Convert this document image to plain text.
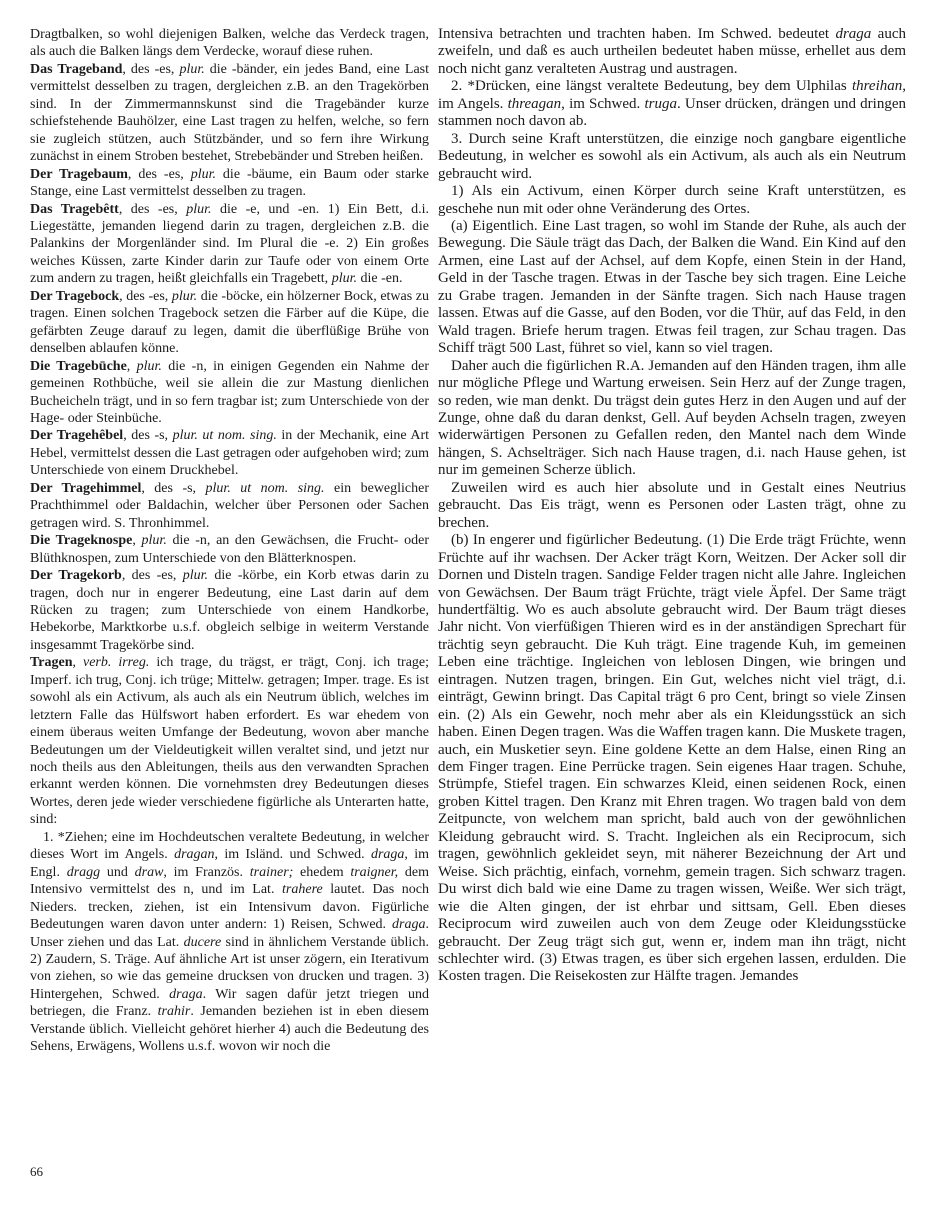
Dragtbalken, so wohl diejenigen Balken, welche das Verdeck tragen, als auch die Balken längs dem Verdecke, worauf diese ruhen.

Das Trageband, des -es, plur. die -bänder, ein jedes Band, eine Last vermittelst desselben zu tragen, dergleichen z.B. an den Tragekörben sind. In der Zimmermannskunst sind die Tragebänder kurze schiefstehende Bauhölzer, eine Last tragen zu helfen, welche, so fern sie zugleich stützen, auch Stützbänder, und so fern ihre Wirkung zunächst in einem Stroben bestehet, Strebebänder und Streben heißen.

Der Tragebaum, des -es, plur. die -bäume, ein Baum oder starke Stange, eine Last vermittelst desselben zu tragen.

Das Tragebêtt, des -es, plur. die -e, und -en. 1) Ein Bett, d.i. Liegestätte, jemanden liegend darin zu tragen, dergleichen z.B. die Palankins der Morgenländer sind. Im Plural die -e. 2) Ein großes weiches Küssen, zarte Kinder darin zur Taufe oder von einem Orte zum andern zu tragen, heißt gleichfalls ein Tragebett, plur. die -en.

Der Tragebock, des -es, plur. die -böcke, ein hölzerner Bock, etwas zu tragen. Einen solchen Tragebock setzen die Färber auf die Küpe, die gefärbten Zeuge darauf zu legen, damit die überflüßige Brühe von denselben ablaufen könne.

Die Tragebūche, plur. die -n, in einigen Gegenden ein Nahme der gemeinen Rothbüche, weil sie allein die zur Mastung dienlichen Bucheicheln trägt, und in so fern tragbar ist; zum Unterschiede von der Hage- oder Steinbüche.

Der Tragehêbel, des -s, plur. ut nom. sing. in der Mechanik, eine Art Hebel, vermittelst dessen die Last getragen oder aufgehoben wird; zum Unterschiede von einem Druckhebel.

Der Tragehimmel, des -s, plur. ut nom. sing. ein beweglicher Prachthimmel oder Baldachin, welcher über Personen oder Sachen getragen wird. S. Thronhimmel.

Die Trageknospe, plur. die -n, an den Gewächsen, die Frucht- oder Blüthknospen, zum Unterschiede von den Blätterknospen.

Der Tragekorb, des -es, plur. die -körbe, ein Korb etwas darin zu tragen, doch nur in engerer Bedeutung, eine Last darin auf dem Rücken zu tragen; zum Unterschiede von einem Handkorbe, Hebekorbe, Marktkorbe u.s.f. obgleich selbige in weiterm Verstande insgesammt Tragekörbe sind.

Tragen, verb. irreg. ich trage, du trägst, er trägt, Conj. ich trage; Imperf. ich trug, Conj. ich trüge; Mittelw. getragen; Imper. trage. Es ist sowohl als ein Activum, als auch als ein Neutrum üblich, welches im letztern Falle das Hülfswort haben erfordert. Es war ehedem von einem überaus weiten Umfange der Bedeutung, wovon aber manche Bedeutungen um der Vieldeutigkeit willen veraltet sind, und jetzt nur noch theils aus den Ableitungen, theils aus den verwandten Sprachen erkannt werden können. Die vornehmsten drey Bedeutungen dieses Wortes, deren jede wieder verschiedene figürliche als Unterarten hatte, sind:

1. *Ziehen; eine im Hochdeutschen veraltete Bedeutung, in welcher dieses Wort im Angels. dragan, im Isländ. und Schwed. draga, im Engl. dragg und draw, im Französ. trainer; ehedem traigner, dem Intensivo vermittelst des n, und im Lat. trahere lautet. Das noch Nieders. trecken, ziehen, ist ein Intensivum davon. Figürliche Bedeutungen waren davon unter andern: 1) Reisen, Schwed. draga. Unser ziehen und das Lat. ducere sind in ähnlichem Verstande üblich. 2) Zaudern, S. Träge. Auf ähnliche Art ist unser zögern, ein Iterativum von ziehen, so wie das gemeine drucksen von drucken und tragen. 3) Hintergehen, Schwed. draga. Wir sagen dafür jetzt triegen und betriegen, die Franz. trahir. Jemanden beziehen ist in eben diesem Verstande üblich. Vielleicht gehöret hierher 4) auch die Bedeutung des Sehens, Erwägens, Wollens u.s.f. wovon wir noch die

Intensiva betrachten und trachten haben. Im Schwed. bedeutet draga auch zweifeln, und daß es auch urtheilen bedeutet haben müsse, erhellet aus dem noch nicht ganz veralteten Austrag und austragen.

2. *Drücken, eine längst veraltete Bedeutung, bey dem Ulphilas threihan, im Angels. threagan, im Schwed. truga. Unser drücken, drängen und dringen stammen noch davon ab.

3. Durch seine Kraft unterstützen, die einzige noch gangbare eigentliche Bedeutung, in welcher es sowohl als ein Activum, als auch als ein Neutrum gebraucht wird.

1) Als ein Activum, einen Körper durch seine Kraft unterstützen, es geschehe nun mit oder ohne Veränderung des Ortes.

(a) Eigentlich. Eine Last tragen, so wohl im Stande der Ruhe, als auch der Bewegung. Die Säule trägt das Dach, der Balken die Wand. Ein Kind auf den Armen, eine Last auf der Achsel, auf dem Kopfe, einen Stein in der Hand, Geld in der Tasche tragen. Etwas in der Tasche bey sich tragen. Eine Leiche zu Grabe tragen. Jemanden in der Sänfte tragen. Sich nach Hause tragen lassen. Etwas auf die Gasse, auf den Boden, vor die Thür, auf das Feld, in den Wald tragen. Briefe herum tragen. Etwas feil tragen, zur Schau tragen. Das Schiff trägt 500 Last, führet so viel, kann so viel tragen.

Daher auch die figürlichen R.A. Jemanden auf den Händen tragen, ihm alle nur mögliche Pflege und Wartung erweisen. Sein Herz auf der Zunge tragen, so reden, wie man denkt. Du trägst dein gutes Herz in den Augen und auf der Zunge, ohne daß du daran denkst, Gell. Auf beyden Achseln tragen, zweyen widerwärtigen Personen zu Gefallen reden, den Mantel nach dem Winde hängen, S. Achselträger. Sich nach Hause tragen, d.i. nach Hause gehen, ist nur im gemeinen Scherze üblich.

Zuweilen wird es auch hier absolute und in Gestalt eines Neutrius gebraucht. Das Eis trägt, wenn es Personen oder Lasten trägt, ohne zu brechen.

(b) In engerer und figürlicher Bedeutung. (1) Die Erde trägt Früchte, wenn Früchte auf ihr wachsen. Der Acker trägt Korn, Weitzen. Der Acker soll dir Dornen und Disteln tragen. Sandige Felder tragen nicht alle Jahre. Ingleichen von Gewächsen. Der Baum trägt Früchte, trägt viele Äpfel. Der Same trägt hundertfältig. Wo es auch absolute gebraucht wird. Der Baum trägt dieses Jahr nicht. Von vierfüßigen Thieren wird es in der anständigen Sprechart für trächtig seyn gebraucht. Die Kuh trägt. Eine tragende Kuh, im gemeinen Leben eine trächtige. Ingleichen von leblosen Dingen, wie bringen und eintragen. Nutzen tragen, bringen. Ein Gut, welches nicht viel trägt, d.i. einträgt, Gewinn bringt. Das Capital trägt 6 pro Cent, bringt so viele Zinsen ein. (2) Als ein Gewehr, noch mehr aber als ein Kleidungsstück an sich haben. Einen Degen tragen. Was die Waffen tragen kann. Die Muskete tragen, auch, ein Musketier seyn. Eine goldene Kette an dem Halse, einen Ring an dem Finger tragen. Eine Perrücke tragen. Sein eigenes Haar tragen. Schuhe, Strümpfe, Stiefel tragen. Ein schwarzes Kleid, einen seidenen Rock, einen groben Kittel tragen. Den Kranz mit Ehren tragen. Wo tragen bald von dem Zeitpuncte, von welchem man spricht, bald auch von der gewöhnlichen Kleidung gebraucht wird. S. Tracht. Ingleichen als ein Reciprocum, sich tragen, gewöhnlich gekleidet seyn, mit näherer Bezeichnung der Art und Weise. Sich prächtig, einfach, vornehm, gemein tragen. Sich schwarz tragen. Du wirst dich bald wie eine Dame zu tragen wissen, Weiße. Wer sich trägt, wie die Alten gingen, der ist ehrbar und sittsam, Gell. Eben dieses Reciprocum wird zuweilen auch von dem Zeuge oder Kleidungsstücke gebraucht. Der Zeug trägt sich gut, wenn er, indem man ihn trägt, nicht schlechter wird. (3) Etwas tragen, es über sich ergehen lassen, erdulden. Die Kosten tragen. Die Reisekosten zur Hälfte tragen. Jemandes

66
